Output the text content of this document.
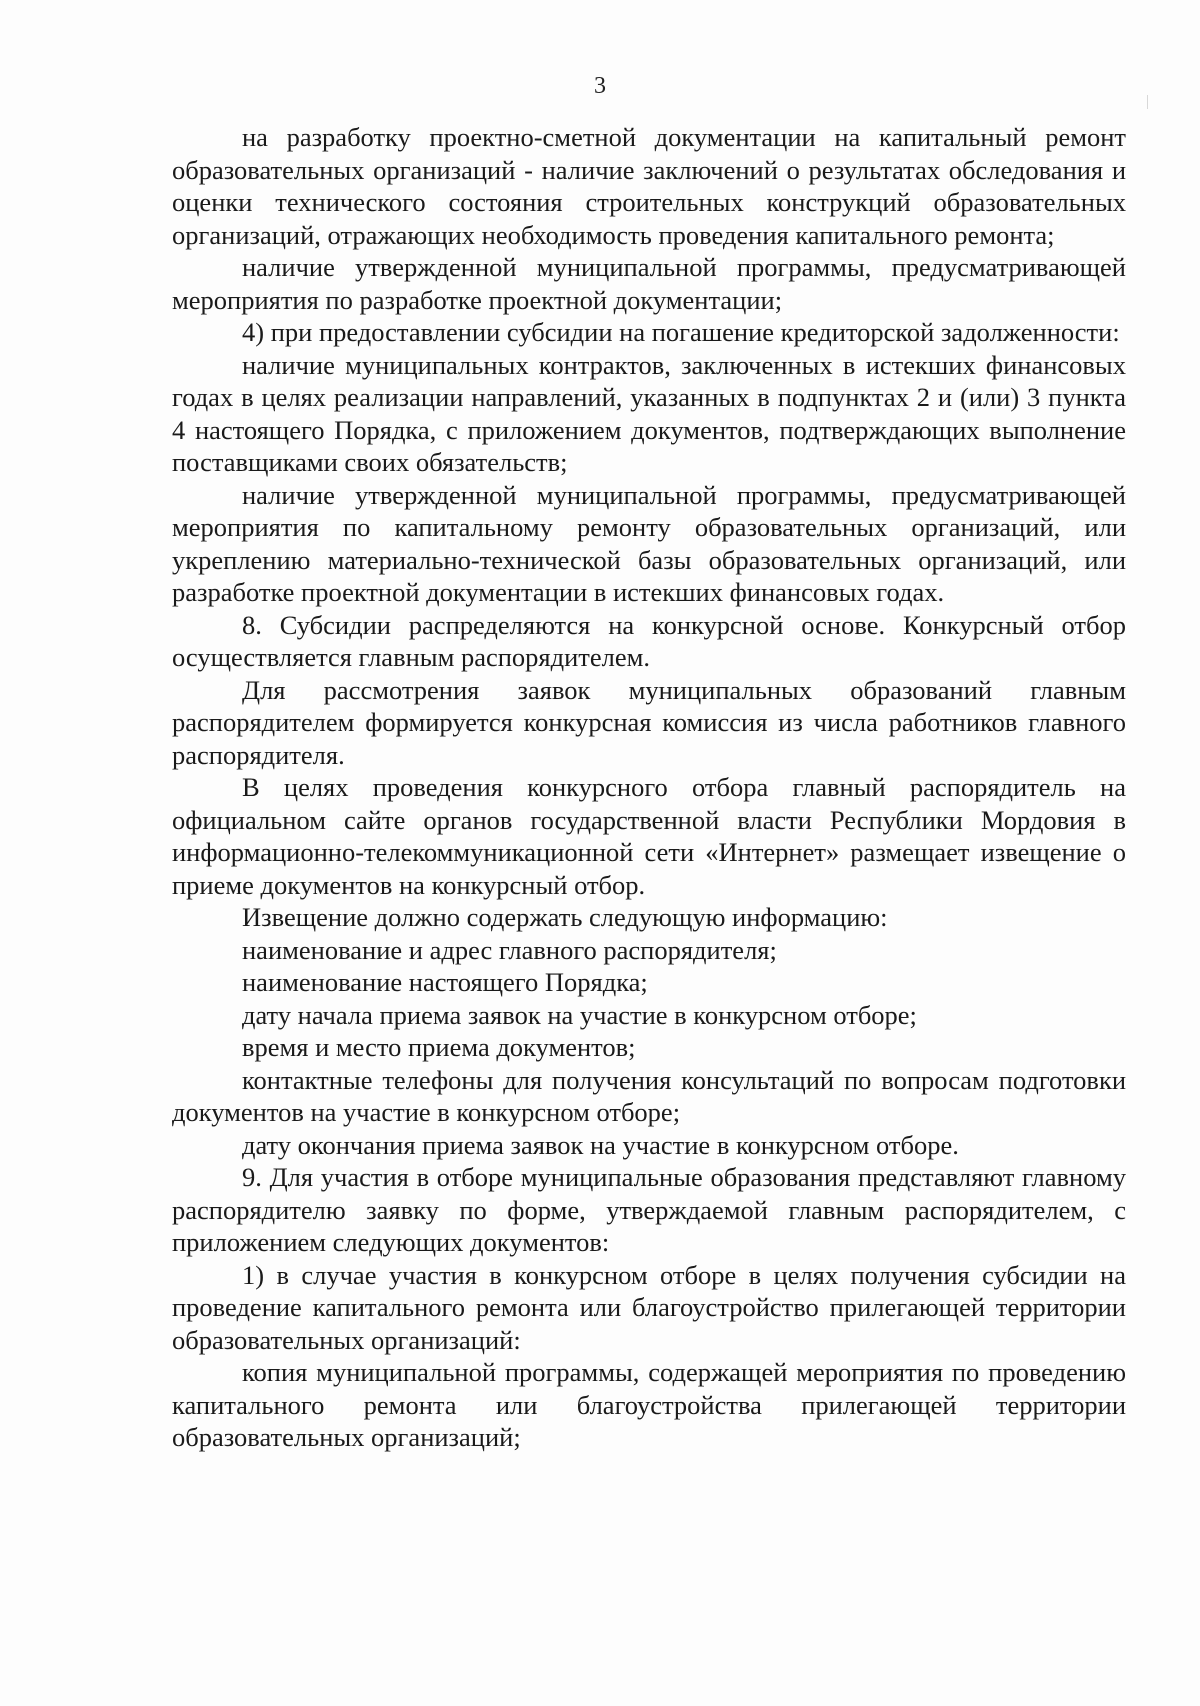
3

на разработку проектно-сметной документации на капитальный ремонт образовательных организаций - наличие заключений о результатах обследования и оценки технического состояния строительных конструкций образовательных организаций, отражающих необходимость проведения капитального ремонта;

наличие утвержденной муниципальной программы, предусматривающей мероприятия по разработке проектной документации;

4) при предоставлении субсидии на погашение кредиторской задолженности:

наличие муниципальных контрактов, заключенных в истекших финансовых годах в целях реализации направлений, указанных в подпунктах 2 и (или) 3 пункта 4 настоящего Порядка, с приложением документов, подтверждающих выполнение поставщиками своих обязательств;

наличие утвержденной муниципальной программы, предусматривающей мероприятия по капитальному ремонту образовательных организаций, или укреплению материально-технической базы образовательных организаций, или разработке проектной документации в истекших финансовых годах.

8. Субсидии распределяются на конкурсной основе. Конкурсный отбор осуществляется главным распорядителем.

Для рассмотрения заявок муниципальных образований главным распорядителем формируется конкурсная комиссия из числа работников главного распорядителя.

В целях проведения конкурсного отбора главный распорядитель на официальном сайте органов государственной власти Республики Мордовия в информационно-телекоммуникационной сети «Интернет» размещает извещение о приеме документов на конкурсный отбор.

Извещение должно содержать следующую информацию:

наименование и адрес главного распорядителя;

наименование настоящего Порядка;

дату начала приема заявок на участие в конкурсном отборе;

время и место приема документов;

контактные телефоны для получения консультаций по вопросам подготовки документов на участие в конкурсном отборе;

дату окончания приема заявок на участие в конкурсном отборе.

9. Для участия в отборе муниципальные образования представляют главному распорядителю заявку по форме, утверждаемой главным распорядителем, с приложением следующих документов:

1) в случае участия в конкурсном отборе в целях получения субсидии на проведение капитального ремонта или благоустройство прилегающей территории образовательных организаций:

копия муниципальной программы, содержащей мероприятия по проведению капитального ремонта или благоустройства прилегающей территории образовательных организаций;
